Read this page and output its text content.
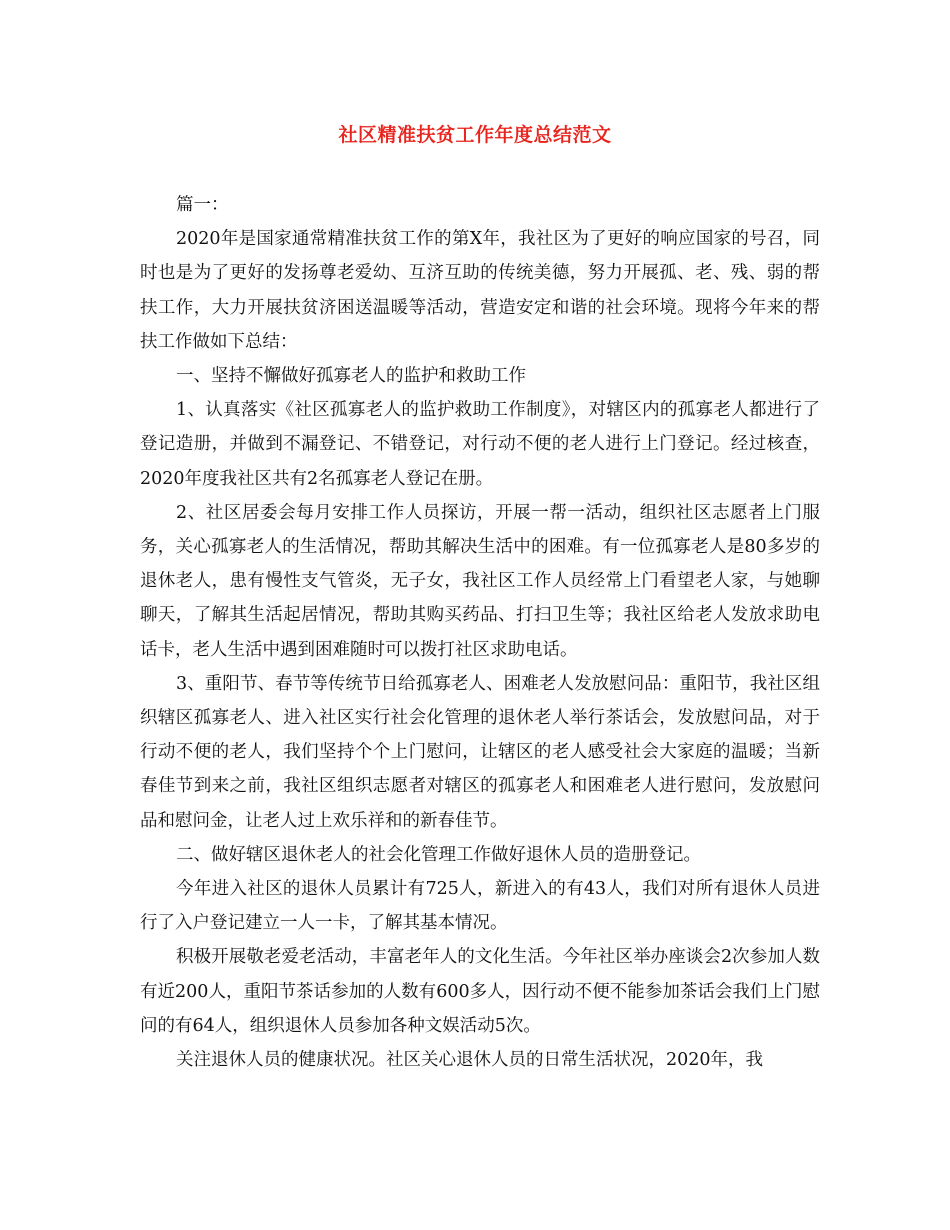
社区精准扶贫工作年度总结范文

篇一：

2020年是国家通常精准扶贫工作的第X年，我社区为了更好的响应国家的号召，同时也是为了更好的发扬尊老爱幼、互济互助的传统美德，努力开展孤、老、残、弱的帮扶工作，大力开展扶贫济困送温暖等活动，营造安定和谐的社会环境。现将今年来的帮扶工作做如下总结：

一、坚持不懈做好孤寡老人的监护和救助工作

1、认真落实《社区孤寡老人的监护救助工作制度》，对辖区内的孤寡老人都进行了登记造册，并做到不漏登记、不错登记，对行动不便的老人进行上门登记。经过核查，2020年度我社区共有2名孤寡老人登记在册。

2、社区居委会每月安排工作人员探访，开展一帮一活动，组织社区志愿者上门服务，关心孤寡老人的生活情况，帮助其解决生活中的困难。有一位孤寡老人是80多岁的退休老人，患有慢性支气管炎，无子女，我社区工作人员经常上门看望老人家，与她聊聊天，了解其生活起居情况，帮助其购买药品、打扫卫生等；我社区给老人发放求助电话卡，老人生活中遇到困难随时可以拨打社区求助电话。

3、重阳节、春节等传统节日给孤寡老人、困难老人发放慰问品：重阳节，我社区组织辖区孤寡老人、进入社区实行社会化管理的退休老人举行茶话会，发放慰问品，对于行动不便的老人，我们坚持个个上门慰问，让辖区的老人感受社会大家庭的温暖；当新春佳节到来之前，我社区组织志愿者对辖区的孤寡老人和困难老人进行慰问，发放慰问品和慰问金，让老人过上欢乐祥和的新春佳节。

二、做好辖区退休老人的社会化管理工作做好退休人员的造册登记。

今年进入社区的退休人员累计有725人，新进入的有43人，我们对所有退休人员进行了入户登记建立一人一卡，了解其基本情况。

积极开展敬老爱老活动，丰富老年人的文化生活。今年社区举办座谈会2次参加人数有近200人，重阳节茶话参加的人数有600多人，因行动不便不能参加茶话会我们上门慰问的有64人，组织退休人员参加各种文娱活动5次。

关注退休人员的健康状况。社区关心退休人员的日常生活状况，2020年，我
